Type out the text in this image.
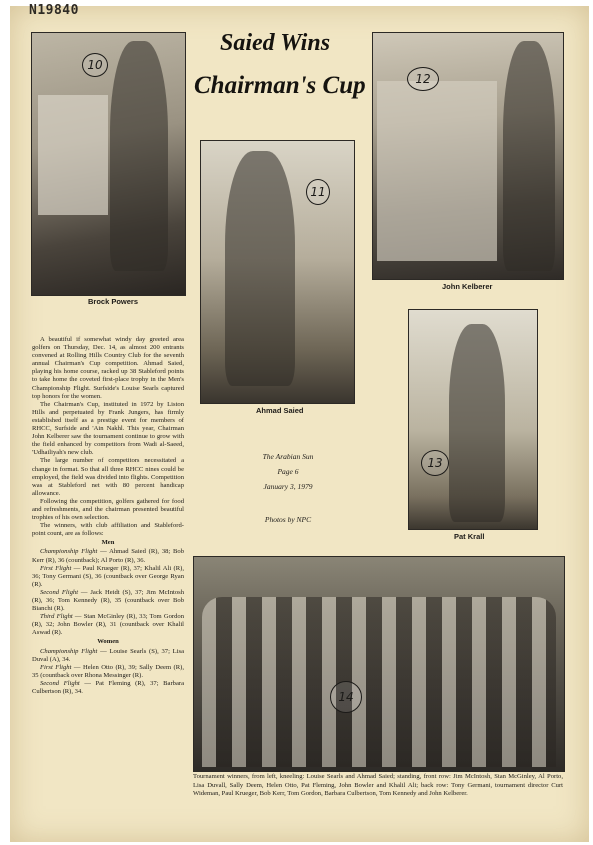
N19840
Saied Wins
Chairman's Cup
10
Brock Powers
11
Ahmad Saied
12
John Kelberer
13
Pat Krall
The Arabian Sun
Page 6
January 3, 1979
Photos by NPC

A beautiful if somewhat windy day greeted area golfers on Thursday, Dec. 14, as almost 200 entrants convened at Rolling Hills Country Club for the seventh annual Chairman's Cup competition. Ahmad Saied, playing his home course, racked up 38 Stableford points to take home the coveted first-place trophy in the Men's Championship Flight. Surfside's Louise Searls captured top honors for the women.

The Chairman's Cup, instituted in 1972 by Liston Hills and perpetuated by Frank Jungers, has firmly established itself as a prestige event for members of RHCC, Surfside and 'Ain Nakhl. This year, Chairman John Kelberer saw the tournament continue to grow with the field enhanced by competitors from Wadi al-Saeed, 'Udhailiyah's new club.

The large number of competitors necessitated a change in format. So that all three RHCC nines could be employed, the field was divided into flights. Competition was at Stableford net with 80 percent handicap allowance.

Following the competition, golfers gathered for food and refreshments, and the chairman presented beautiful trophies of his own selection.

The winners, with club affiliation and Stableford-point count, are as follows:

Men

Championship Flight — Ahmad Saied (R), 38; Bob Kerr (R), 36 (countback); Al Porto (R), 36.

First Flight — Paul Krueger (R), 37; Khalil Ali (R), 36; Tony Germani (S), 36 (countback over George Ryan (R).

Second Flight — Jack Heidt (S), 37; Jim McIntosh (R), 36; Tom Kennedy (R), 35 (countback over Bob Bianchi (R).

Third Flight — Stan McGinley (R), 33; Tom Gordon (R), 32; John Bowler (R), 31 (countback over Khalil Aswad (R).

Women

Championship Flight — Louise Searls (S), 37; Lisa Duval (A), 34.

First Flight — Helen Otto (R), 39; Sally Deem (R), 35 (countback over Rhona Messinger (R).

Second Flight — Pat Fleming (R), 37; Barbara Culbertson (R), 34.	14
Tournament winners, from left, kneeling: Louise Searls and Ahmad Saied; standing, front row: Jim McIntosh, Stan McGinley, Al Porto, Lisa Duvall, Sally Deem, Helen Otto, Pat Fleming, John Bowler and Khalil Ali; back row: Tony Germani, tournament director Curt Wideman, Paul Krueger, Bob Kerr, Tom Gordon, Barbara Culbertson, Tom Kennedy and John Kelberer.
